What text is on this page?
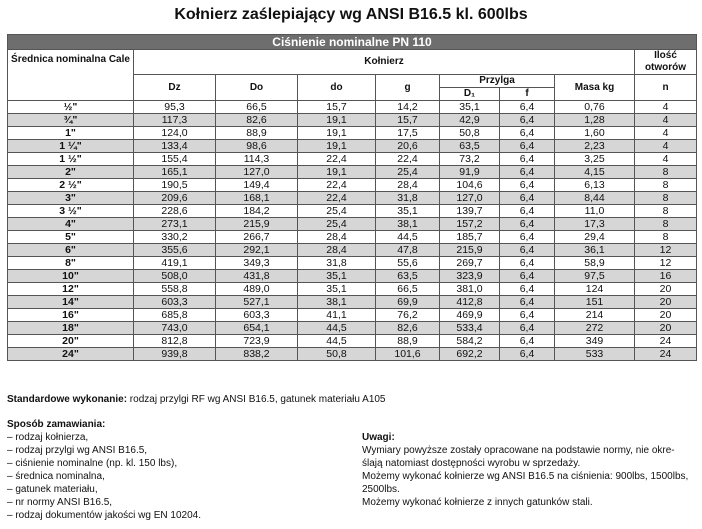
Kołnierz zaślepiający wg ANSI B16.5 kl. 600lbs
Ciśnienie nominalne PN 110								
Średnica nominalna Cale	Kołnierz							Ilość otworów
	Dz	Do	do	g	Przylga		Masa kg	n
					D₁	f		
½"	95,3	66,5	15,7	14,2	35,1	6,4	0,76	4
¾"	117,3	82,6	19,1	15,7	42,9	6,4	1,28	4
1"	124,0	88,9	19,1	17,5	50,8	6,4	1,60	4
1 ¼"	133,4	98,6	19,1	20,6	63,5	6,4	2,23	4
1 ½"	155,4	114,3	22,4	22,4	73,2	6,4	3,25	4
2"	165,1	127,0	19,1	25,4	91,9	6,4	4,15	8
2 ½"	190,5	149,4	22,4	28,4	104,6	6,4	6,13	8
3"	209,6	168,1	22,4	31,8	127,0	6,4	8,44	8
3 ½"	228,6	184,2	25,4	35,1	139,7	6,4	11,0	8
4"	273,1	215,9	25,4	38,1	157,2	6,4	17,3	8
5"	330,2	266,7	28,4	44,5	185,7	6,4	29,4	8
6"	355,6	292,1	28,4	47,8	215,9	6,4	36,1	12
8"	419,1	349,3	31,8	55,6	269,7	6,4	58,9	12
10"	508,0	431,8	35,1	63,5	323,9	6,4	97,5	16
12"	558,8	489,0	35,1	66,5	381,0	6,4	124	20
14"	603,3	527,1	38,1	69,9	412,8	6,4	151	20
16"	685,8	603,3	41,1	76,2	469,9	6,4	214	20
18"	743,0	654,1	44,5	82,6	533,4	6,4	272	20
20"	812,8	723,9	44,5	88,9	584,2	6,4	349	24
24"	939,8	838,2	50,8	101,6	692,2	6,4	533	24
Standardowe wykonanie: rodzaj przylgi RF wg ANSI B16.5, gatunek materiału A105
Sposób zamawiania:
– rodzaj kołnierza,
– rodzaj przylgi wg ANSI B16.5,
– ciśnienie nominalne (np. kl. 150 lbs),
– średnica nominalna,
– gatunek materiału,
– nr normy ANSI B16.5,
– rodzaj dokumentów jakości wg EN 10204.
Uwagi:
Wymiary powyższe zostały opracowane na podstawie normy, nie okre-
ślają natomiast dostępności wyrobu w sprzedaży.
Możemy wykonać kołnierze wg ANSI B16.5 na ciśnienia: 900lbs, 1500lbs,
2500lbs.
Możemy wykonać kołnierze z innych gatunków stali.
